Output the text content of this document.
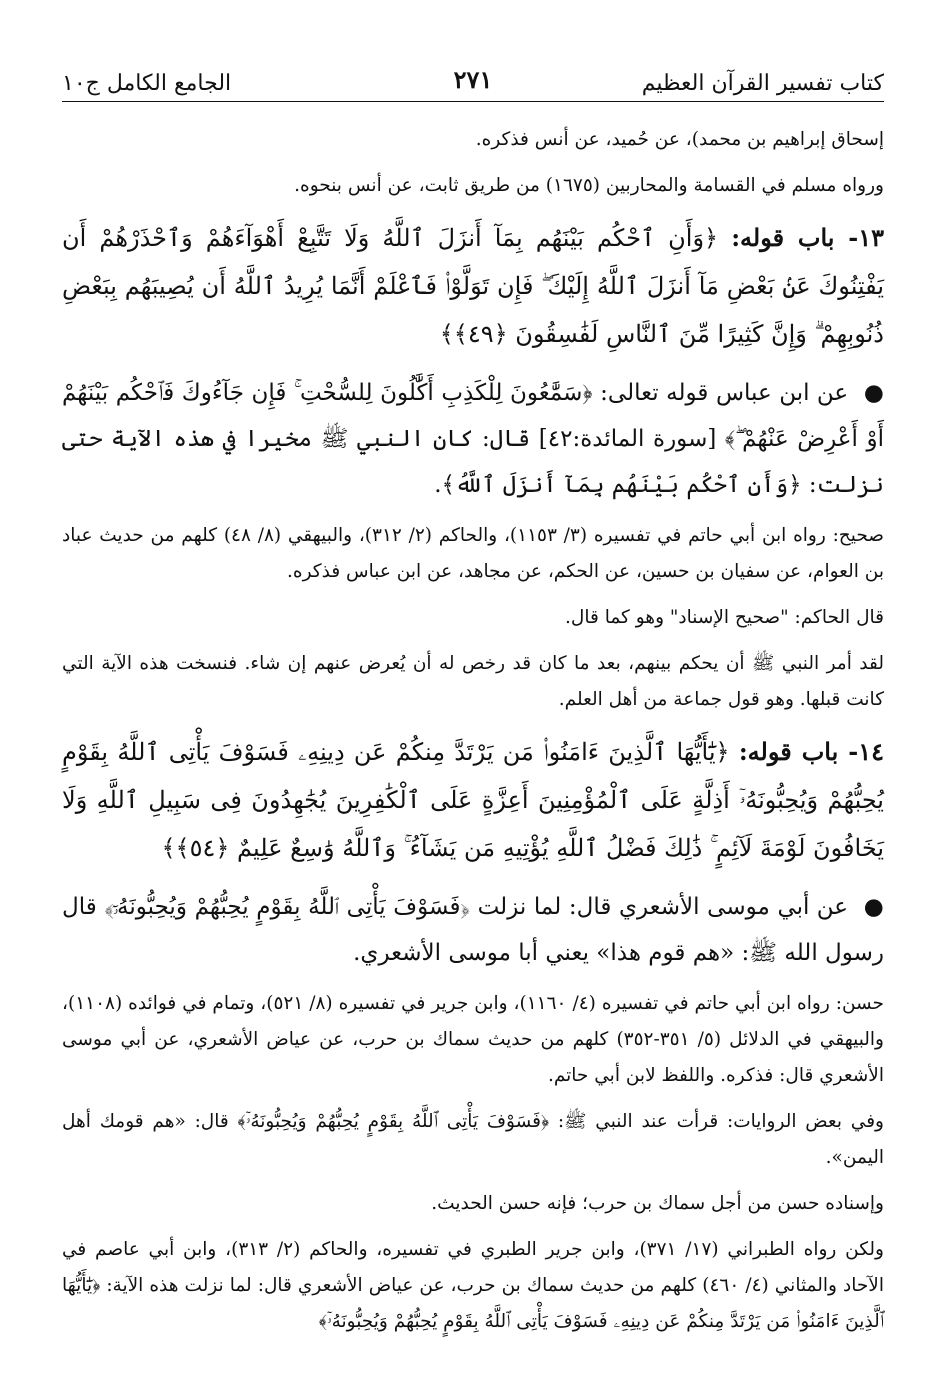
كتاب تفسير القرآن العظيم
٢٧١
الجامع الكامل ج١٠

إسحاق إبراهيم بن محمد)، عن حُميد، عن أنس فذكره.

ورواه مسلم في القسامة والمحاربين (١٦٧٥) من طريق ثابت، عن أنس بنحوه.

١٣- باب قوله: ﴿وَأَنِ ٱحْكُم بَيْنَهُم بِمَآ أَنزَلَ ٱللَّهُ وَلَا تَتَّبِعْ أَهْوَآءَهُمْ وَٱحْذَرْهُمْ أَن يَفْتِنُوكَ عَنۢ بَعْضِ مَآ أَنزَلَ ٱللَّهُ إِلَيْكَ ۖ فَإِن تَوَلَّوْا۟ فَٱعْلَمْ أَنَّمَا يُرِيدُ ٱللَّهُ أَن يُصِيبَهُم بِبَعْضِ ذُنُوبِهِمْ ۗ وَإِنَّ كَثِيرًا مِّنَ ٱلنَّاسِ لَفَٰسِقُونَ ﴿٤٩﴾﴾

● عن ابن عباس قوله تعالى: ﴿سَمَّٰعُونَ لِلْكَذِبِ أَكَّٰلُونَ لِلسُّحْتِ ۚ فَإِن جَآءُوكَ فَٱحْكُم بَيْنَهُمْ أَوْ أَعْرِضْ عَنْهُمْ ۖ﴾ [سورة المائدة:٤٢] قال: كان النبي ﷺ مخيرا في هذه الآية حتى نزلت: ﴿وَأَنِ ٱحْكُم بَيْنَهُم بِمَآ أَنزَلَ ٱللَّهُ﴾.

صحيح: رواه ابن أبي حاتم في تفسيره (٣/ ١١٥٣)، والحاكم (٢/ ٣١٢)، والبيهقي (٨/ ٤٨) كلهم من حديث عباد بن العوام، عن سفيان بن حسين، عن الحكم، عن مجاهد، عن ابن عباس فذكره.

قال الحاكم: "صحيح الإسناد" وهو كما قال.

لقد أمر النبي ﷺ أن يحكم بينهم، بعد ما كان قد رخص له أن يُعرض عنهم إن شاء. فنسخت هذه الآية التي كانت قبلها. وهو قول جماعة من أهل العلم.

١٤- باب قوله: ﴿يَٰٓأَيُّهَا ٱلَّذِينَ ءَامَنُوا۟ مَن يَرْتَدَّ مِنكُمْ عَن دِينِهِۦ فَسَوْفَ يَأْتِى ٱللَّهُ بِقَوْمٍ يُحِبُّهُمْ وَيُحِبُّونَهُۥٓ أَذِلَّةٍ عَلَى ٱلْمُؤْمِنِينَ أَعِزَّةٍ عَلَى ٱلْكَٰفِرِينَ يُجَٰهِدُونَ فِى سَبِيلِ ٱللَّهِ وَلَا يَخَافُونَ لَوْمَةَ لَآئِمٍ ۚ ذَٰلِكَ فَضْلُ ٱللَّهِ يُؤْتِيهِ مَن يَشَآءُ ۚ وَٱللَّهُ وَٰسِعٌ عَلِيمٌ ﴿٥٤﴾﴾

● عن أبي موسى الأشعري قال: لما نزلت ﴿فَسَوْفَ يَأْتِى ٱللَّهُ بِقَوْمٍ يُحِبُّهُمْ وَيُحِبُّونَهُۥٓ﴾ قال رسول الله ﷺ: «هم قوم هذا» يعني أبا موسى الأشعري.

حسن: رواه ابن أبي حاتم في تفسيره (٤/ ١١٦٠)، وابن جرير في تفسيره (٨/ ٥٢١)، وتمام في فوائده (١١٠٨)، والبيهقي في الدلائل (٥/ ٣٥١-٣٥٢) كلهم من حديث سماك بن حرب، عن عياض الأشعري، عن أبي موسى الأشعري قال: فذكره. واللفظ لابن أبي حاتم.

وفي بعض الروايات: قرأت عند النبي ﷺ: ﴿فَسَوْفَ يَأْتِى ٱللَّهُ بِقَوْمٍ يُحِبُّهُمْ وَيُحِبُّونَهُۥٓ﴾ قال: «هم قومك أهل اليمن».

وإسناده حسن من أجل سماك بن حرب؛ فإنه حسن الحديث.

ولكن رواه الطبراني (١٧/ ٣٧١)، وابن جرير الطبري في تفسيره، والحاكم (٢/ ٣١٣)، وابن أبي عاصم في الآحاد والمثاني (٤/ ٤٦٠) كلهم من حديث سماك بن حرب، عن عياض الأشعري قال: لما نزلت هذه الآية: ﴿يَٰٓأَيُّهَا ٱلَّذِينَ ءَامَنُوا۟ مَن يَرْتَدَّ مِنكُمْ عَن دِينِهِۦ فَسَوْفَ يَأْتِى ٱللَّهُ بِقَوْمٍ يُحِبُّهُمْ وَيُحِبُّونَهُۥٓ﴾
